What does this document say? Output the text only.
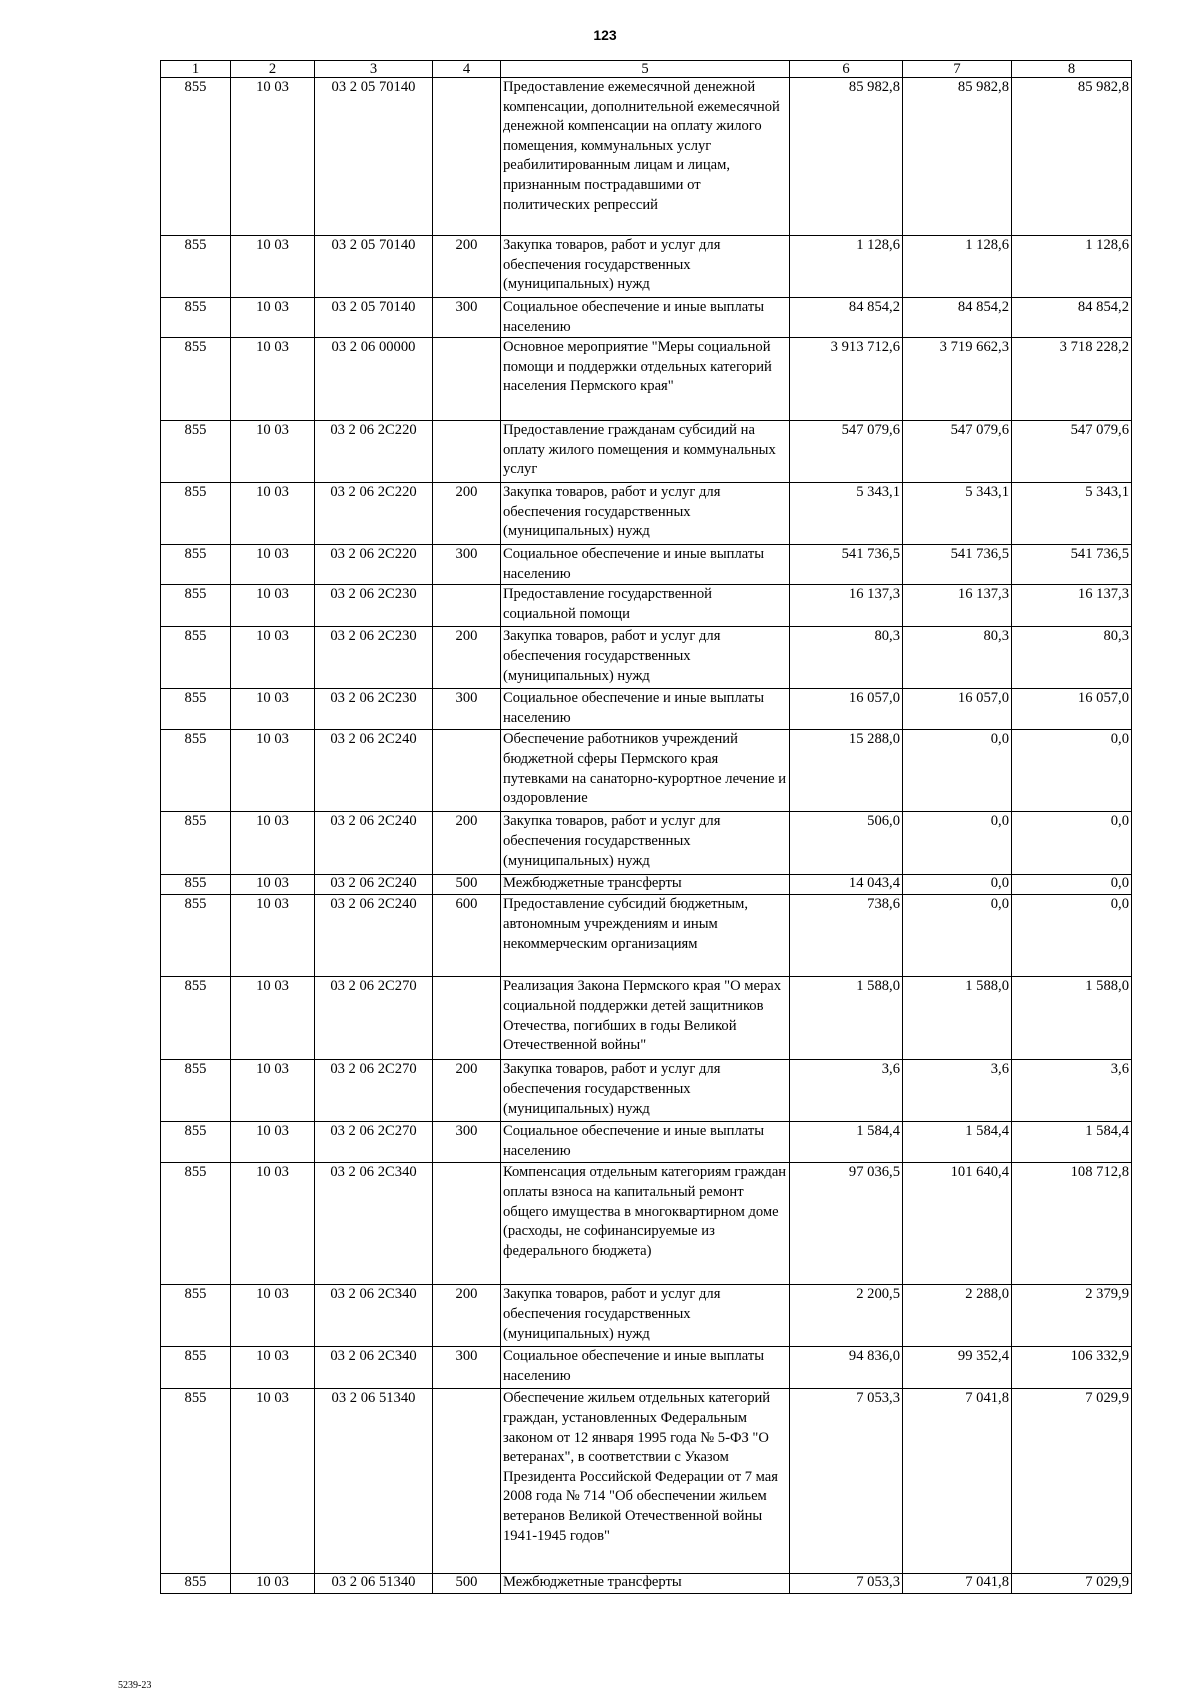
123
1	2	3	4	5	6	7	8
855	10 03	03 2 05 70140		Предоставление ежемесячной денежной компенсации, дополнительной ежемесячной денежной компенсации на оплату жилого помещения, коммунальных услуг реабилитированным лицам и лицам, признанным пострадавшими от политических репрессий	85 982,8	85 982,8	85 982,8
855	10 03	03 2 05 70140	200	Закупка товаров, работ и услуг для обеспечения государственных (муниципальных) нужд	1 128,6	1 128,6	1 128,6
855	10 03	03 2 05 70140	300	Социальное обеспечение и иные выплаты населению	84 854,2	84 854,2	84 854,2
855	10 03	03 2 06 00000		Основное мероприятие "Меры социальной помощи и поддержки отдельных категорий населения Пермского края"	3 913 712,6	3 719 662,3	3 718 228,2
855	10 03	03 2 06 2С220		Предоставление гражданам субсидий на оплату жилого помещения и коммунальных услуг	547 079,6	547 079,6	547 079,6
855	10 03	03 2 06 2С220	200	Закупка товаров, работ и услуг для обеспечения государственных (муниципальных) нужд	5 343,1	5 343,1	5 343,1
855	10 03	03 2 06 2С220	300	Социальное обеспечение и иные выплаты населению	541 736,5	541 736,5	541 736,5
855	10 03	03 2 06 2С230		Предоставление государственной социальной помощи	16 137,3	16 137,3	16 137,3
855	10 03	03 2 06 2С230	200	Закупка товаров, работ и услуг для обеспечения государственных (муниципальных) нужд	80,3	80,3	80,3
855	10 03	03 2 06 2С230	300	Социальное обеспечение и иные выплаты населению	16 057,0	16 057,0	16 057,0
855	10 03	03 2 06 2С240		Обеспечение работников учреждений бюджетной сферы Пермского края путевками на санаторно-курортное лечение и оздоровление	15 288,0	0,0	0,0
855	10 03	03 2 06 2С240	200	Закупка товаров, работ и услуг для обеспечения государственных (муниципальных) нужд	506,0	0,0	0,0
855	10 03	03 2 06 2С240	500	Межбюджетные трансферты	14 043,4	0,0	0,0
855	10 03	03 2 06 2С240	600	Предоставление субсидий бюджетным, автономным учреждениям и иным некоммерческим организациям	738,6	0,0	0,0
855	10 03	03 2 06 2С270		Реализация Закона Пермского края "О мерах социальной поддержки детей защитников Отечества, погибших в годы Великой Отечественной войны"	1 588,0	1 588,0	1 588,0
855	10 03	03 2 06 2С270	200	Закупка товаров, работ и услуг для обеспечения государственных (муниципальных) нужд	3,6	3,6	3,6
855	10 03	03 2 06 2С270	300	Социальное обеспечение и иные выплаты населению	1 584,4	1 584,4	1 584,4
855	10 03	03 2 06 2С340		Компенсация отдельным категориям граждан оплаты взноса на капитальный ремонт общего имущества в многоквартирном доме (расходы, не софинансируемые из федерального бюджета)	97 036,5	101 640,4	108 712,8
855	10 03	03 2 06 2С340	200	Закупка товаров, работ и услуг для обеспечения государственных (муниципальных) нужд	2 200,5	2 288,0	2 379,9
855	10 03	03 2 06 2С340	300	Социальное обеспечение и иные выплаты населению	94 836,0	99 352,4	106 332,9
855	10 03	03 2 06 51340		Обеспечение жильем отдельных категорий граждан, установленных Федеральным законом от 12 января 1995 года № 5-ФЗ "О ветеранах", в соответствии с Указом Президента Российской Федерации от 7 мая 2008 года № 714 "Об обеспечении жильем ветеранов Великой Отечественной войны 1941-1945 годов"	7 053,3	7 041,8	7 029,9
855	10 03	03 2 06 51340	500	Межбюджетные трансферты	7 053,3	7 041,8	7 029,9
5239-23
